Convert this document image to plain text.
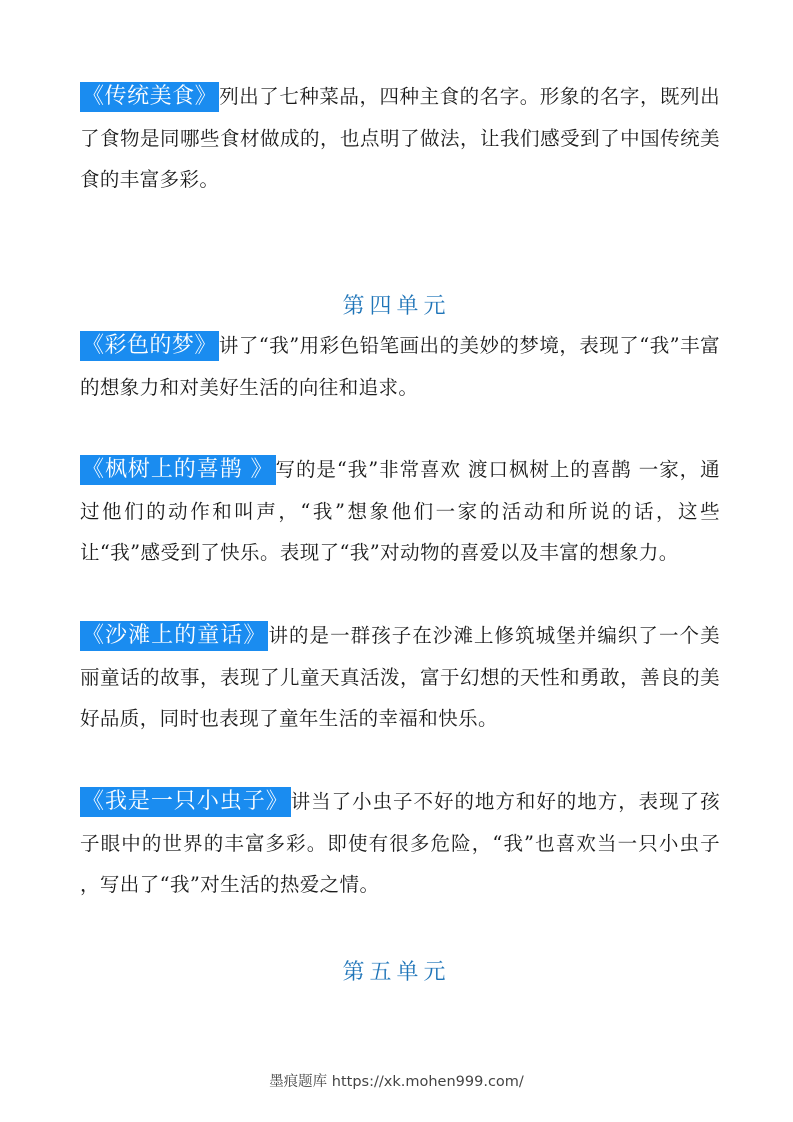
《传统美食》 列出了七种菜品，四种主食的名字。形象的名字，既列出了食物是同哪些食材做成的，也点明了做法，让我们感受到了中国传统美食的丰富多彩。
第四单元
《彩色的梦》 讲了“我”用彩色铅笔画出的美妙的梦境，表现了“我”丰富的想象力和对美好生活的向往和追求。
《枫树上的喜鹊 》 写的是“我”非常喜欢 渡口枫树上的喜鹊 一家，通过他们的动作和叫声，“我”想象他们一家的活动和所说的话，这些让“我”感受到了快乐。表现了“我”对动物的喜爱以及丰富的想象力。
《沙滩上的童话》 讲的是一群孩子在沙滩上修筑城堡并编织了一个美丽童话的故事，表现了儿童天真活泼，富于幻想的天性和勇敢，善良的美好品质，同时也表现了童年生活的幸福和快乐。
《我是一只小虫子》 讲当了小虫子不好的地方和好的地方，表现了孩子眼中的世界的丰富多彩。即使有很多危险，“我”也喜欢当一只小虫子 ，写出了“我”对生活的热爱之情。
第五单元
墨痕题库 https://xk.mohen999.com/
